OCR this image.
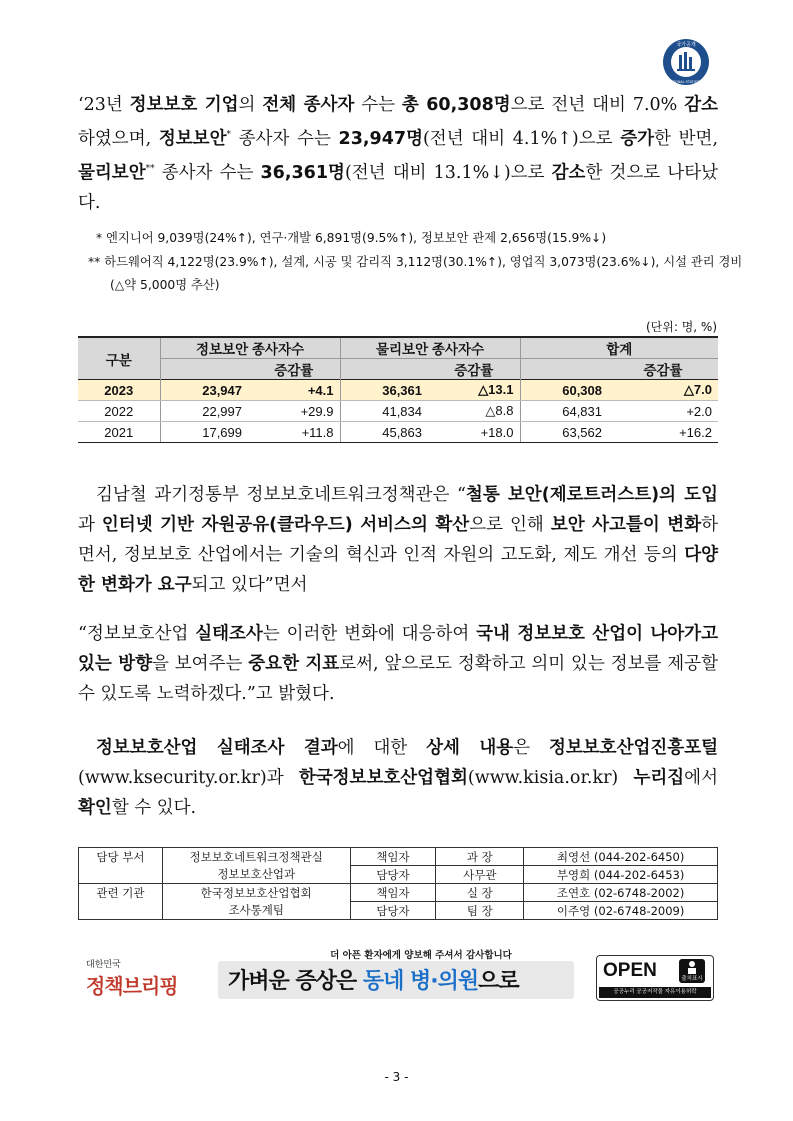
국가공개
NATIONAL STATISTICS
‘23년 정보보호 기업의 전체 종사자 수는 총 60,308명으로 전년 대비 7.0% 감소하였으며, 정보보안* 종사자 수는 23,947명(전년 대비 4.1%↑)으로 증가한 반면, 물리보안** 종사자 수는 36,361명(전년 대비 13.1%↓)으로 감소한 것으로 나타났다.
* 엔지니어 9,039명(24%↑), 연구·개발 6,891명(9.5%↑), 정보보안 관제 2,656명(15.9%↓)
** 하드웨어직 4,122명(23.9%↑), 설계, 시공 및 감리직 3,112명(30.1%↑), 영업직 3,073명(23.6%↓), 시설 관리 경비
(△약 5,000명 추산)
(단위: 명, %)
구분	정보보안 종사자수		물리보안 종사자수		합계	
		증감률		증감률		증감률
2023	23,947	+4.1	36,361	△13.1	60,308	△7.0
2022	22,997	+29.9	41,834	△8.8	64,831	+2.0
2021	17,699	+11.8	45,863	+18.0	63,562	+16.2
김남철 과기정통부 정보보호네트워크정책관은 “철통 보안(제로트러스트)의 도입과 인터넷 기반 자원공유(클라우드) 서비스의 확산으로 인해 보안 사고틀이 변화하면서, 정보보호 산업에서는 기술의 혁신과 인적 자원의 고도화, 제도 개선 등의 다양한 변화가 요구되고 있다”면서
“정보보호산업 실태조사는 이러한 변화에 대응하여 국내 정보보호 산업이 나아가고 있는 방향을 보여주는 중요한 지표로써, 앞으로도 정확하고 의미 있는 정보를 제공할 수 있도록 노력하겠다.”고 밝혔다.
정보보호산업 실태조사 결과에 대한 상세 내용은 정보보호산업진흥포털 (www.ksecurity.or.kr)과 한국정보보호산업협회(www.kisia.or.kr) 누리집에서 확인할 수 있다.
담당 부서	정보보호네트워크정책관실	책임자	과 장	최영선 (044-202-6450)
	정보보호산업과	담당자	사무관	부영희 (044-202-6453)
관련 기관	한국정보보호산업협회	책임자	실 장	조연호 (02-6748-2002)
	조사통계팀	담당자	팀 장	이주영 (02-6748-2009)
대한민국
정책브리핑
더 아픈 환자에게 양보해 주셔서 감사합니다
가벼운 증상은 동네 병·의원으로	OPEN	출처표시
공공누리 공공저작물 자유이용허락
- 3 -
